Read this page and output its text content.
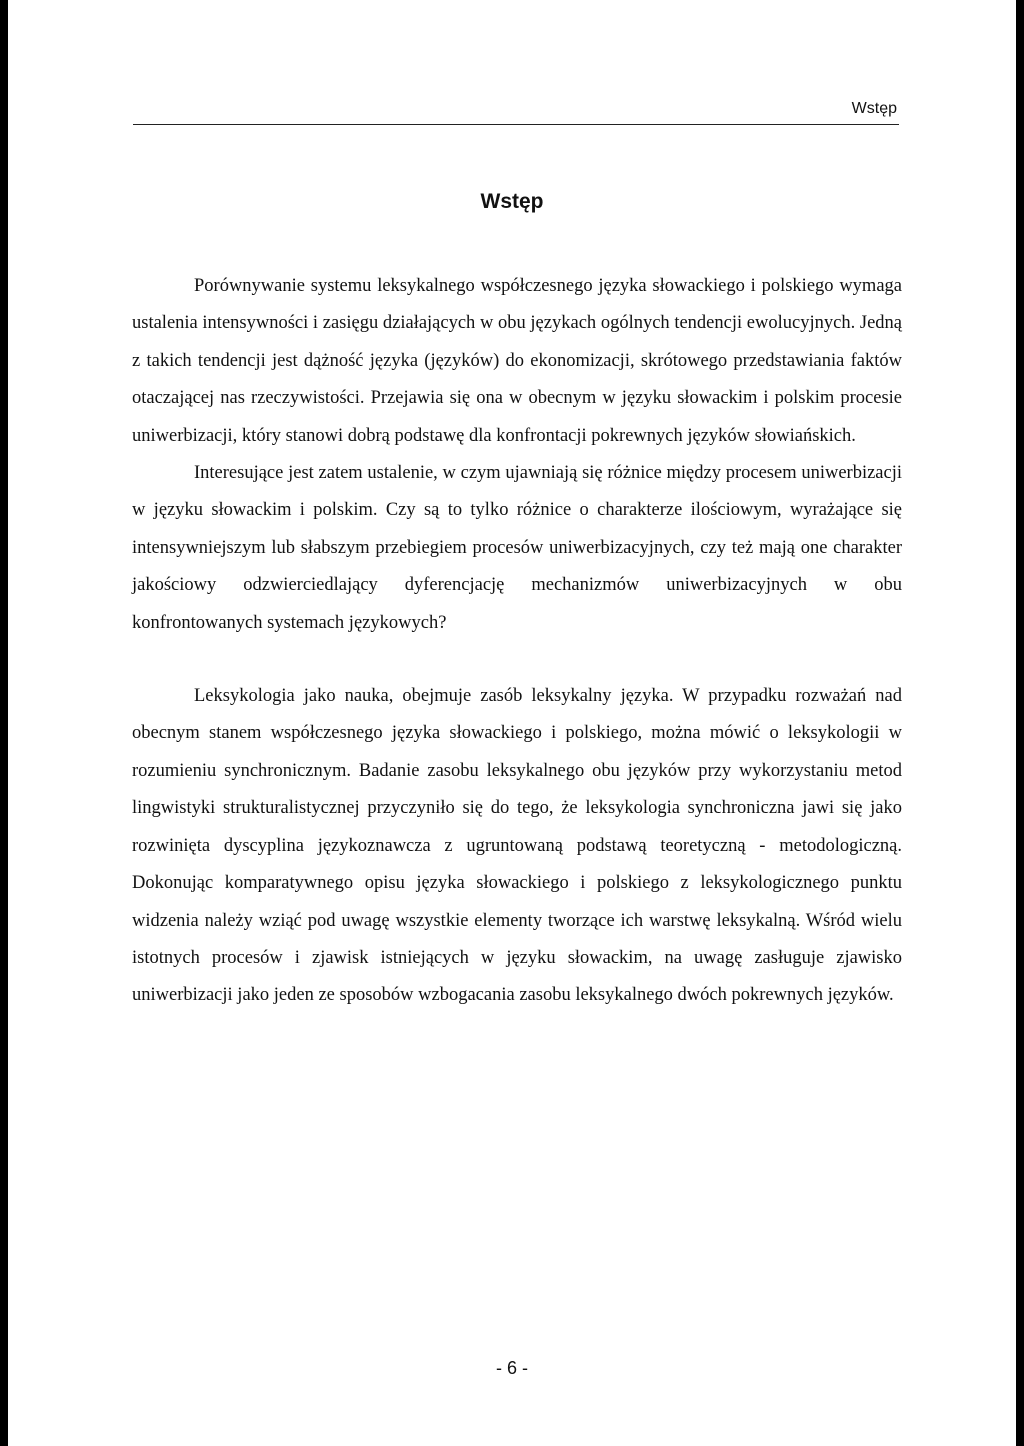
Wstęp
Wstęp

Porównywanie systemu leksykalnego współczesnego języka słowackiego i polskiego wymaga ustalenia intensywności i zasięgu działających w obu językach ogólnych tendencji ewolucyjnych. Jedną z takich tendencji jest dążność języka (języków) do ekonomizacji, skrótowego przedstawiania faktów otaczającej nas rzeczywistości. Przejawia się ona w obecnym w języku słowackim i polskim procesie uniwerbizacji, który stanowi dobrą podstawę dla konfrontacji pokrewnych języków słowiańskich.

Interesujące jest zatem ustalenie, w czym ujawniają się różnice między procesem uniwerbizacji w języku słowackim i polskim. Czy są to tylko różnice o charakterze ilościowym, wyrażające się intensywniejszym lub słabszym przebiegiem procesów uniwerbizacyjnych, czy też mają one charakter jakościowy odzwierciedlający dyferencjację mechanizmów uniwerbizacyjnych w obu konfrontowanych systemach językowych?

Leksykologia jako nauka, obejmuje zasób leksykalny języka. W przypadku rozważań nad obecnym stanem współczesnego języka słowackiego i polskiego, można mówić o leksykologii w rozumieniu synchronicznym. Badanie zasobu leksykalnego obu języków przy wykorzystaniu metod lingwistyki strukturalistycznej przyczyniło się do tego, że leksykologia synchroniczna jawi się jako rozwinięta dyscyplina językoznawcza z ugruntowaną podstawą teoretyczną - metodologiczną. Dokonując komparatywnego opisu języka słowackiego i polskiego z leksykologicznego punktu widzenia należy wziąć pod uwagę wszystkie elementy tworzące ich warstwę leksykalną. Wśród wielu istotnych procesów i zjawisk istniejących w języku słowackim, na uwagę zasługuje zjawisko uniwerbizacji jako jeden ze sposobów wzbogacania zasobu leksykalnego dwóch pokrewnych języków.

- 6 -
